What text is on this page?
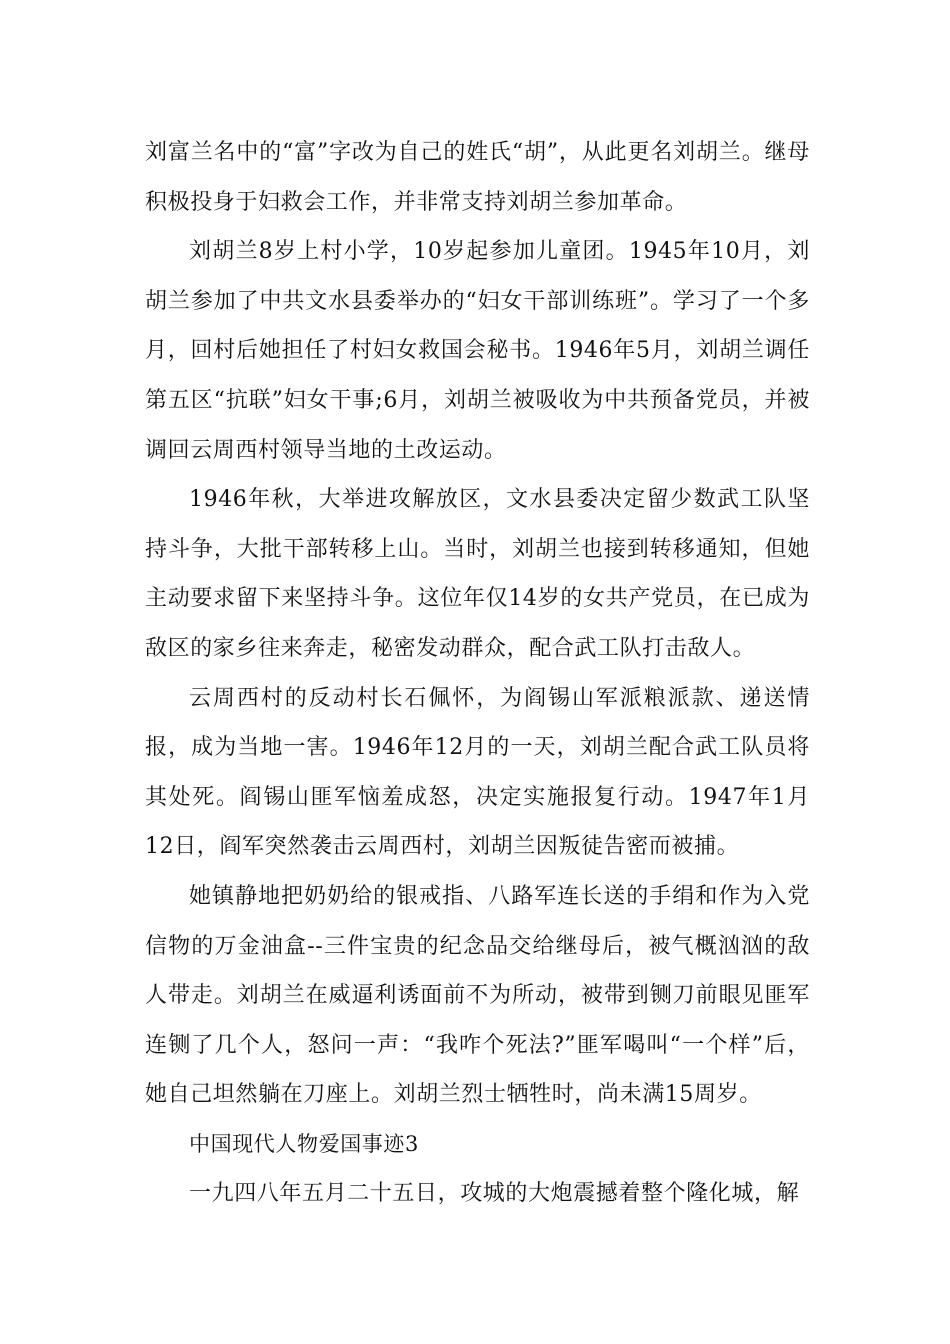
刘富兰名中的“富”字改为自己的姓氏“胡”，从此更名刘胡兰。继母积极投身于妇救会工作，并非常支持刘胡兰参加革命。

刘胡兰8岁上村小学，10岁起参加儿童团。1945年10月，刘胡兰参加了中共文水县委举办的“妇女干部训练班”。学习了一个多月，回村后她担任了村妇女救国会秘书。1946年5月，刘胡兰调任第五区“抗联”妇女干事;6月，刘胡兰被吸收为中共预备党员，并被调回云周西村领导当地的土改运动。

1946年秋，大举进攻解放区，文水县委决定留少数武工队坚持斗争，大批干部转移上山。当时，刘胡兰也接到转移通知，但她主动要求留下来坚持斗争。这位年仅14岁的女共产党员，在已成为敌区的家乡往来奔走，秘密发动群众，配合武工队打击敌人。

云周西村的反动村长石佩怀，为阎锡山军派粮派款、递送情报，成为当地一害。1946年12月的一天，刘胡兰配合武工队员将其处死。阎锡山匪军恼羞成怒，决定实施报复行动。1947年1月12日，阎军突然袭击云周西村，刘胡兰因叛徒告密而被捕。

她镇静地把奶奶给的银戒指、八路军连长送的手绢和作为入党信物的万金油盒--三件宝贵的纪念品交给继母后，被气概汹汹的敌人带走。刘胡兰在威逼利诱面前不为所动，被带到铡刀前眼见匪军连铡了几个人，怒问一声：“我咋个死法?”匪军喝叫“一个样”后，她自己坦然躺在刀座上。刘胡兰烈士牺牲时，尚未满15周岁。

中国现代人物爱国事迹3

一九四八年五月二十五日，攻城的大炮震撼着整个隆化城，解
